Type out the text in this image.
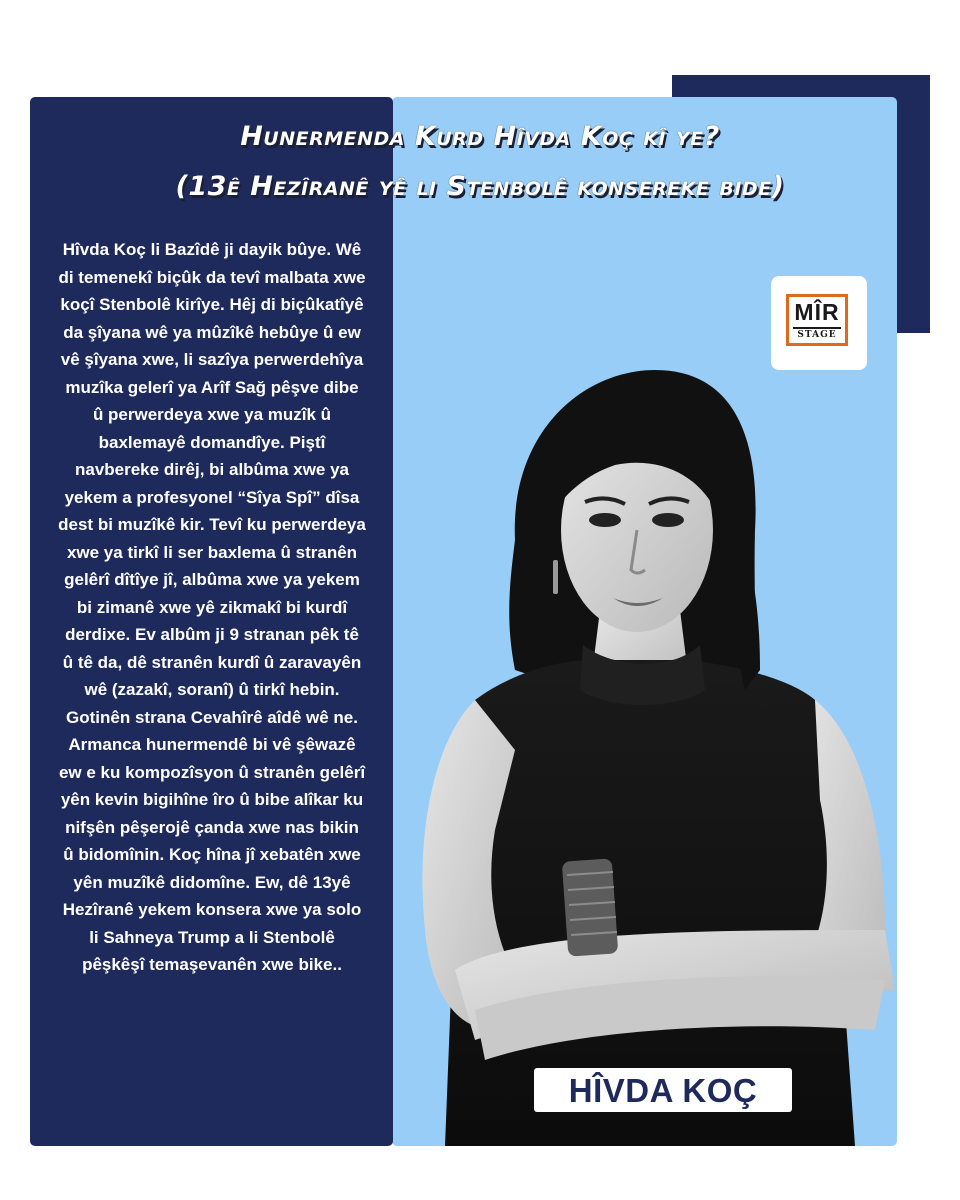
Hunermenda Kurd Hîvda Koç kî ye?
(13ê Hezîranê yê li Stenbolê konsereke bide)

Hîvda Koç li Bazîdê ji dayik bûye. Wê di temenekî biçûk da tevî malbata xwe koçî Stenbolê kirîye. Hêj di biçûkatîyê da şîyana wê ya mûzîkê hebûye û ew vê şîyana xwe, li sazîya perwerdehîya muzîka gelerî ya Arîf Sağ pêşve dibe û perwerdeya xwe ya muzîk û baxlemayê domandîye. Piştî navbereke dirêj, bi albûma xwe ya yekem a profesyonel “Sîya Spî” dîsa dest bi muzîkê kir. Tevî ku perwerdeya xwe ya tirkî li ser baxlema û stranên gelêrî dîtîye jî, albûma xwe ya yekem bi zimanê xwe yê zikmakî bi kurdî derdixe. Ev albûm ji 9 stranan pêk tê û tê da, dê stranên kurdî û zaravayên wê (zazakî, soranî) û tirkî hebin. Gotinên strana Cevahîrê aîdê wê ne. Armanca hunermendê bi vê şêwazê ew e ku kompozîsyon û stranên gelêrî yên kevin bigihîne îro û bibe alîkar ku nifşên pêşerojê çanda xwe nas bikin û bidomînin. Koç hîna jî xebatên xwe yên muzîkê didomîne. Ew, dê 13yê Hezîranê yekem konsera xwe ya solo li Sahneya Trump a li Stenbolê pêşkêşî temaşevanên xwe bike..

MÎR
STAGE
HÎVDA KOÇ
